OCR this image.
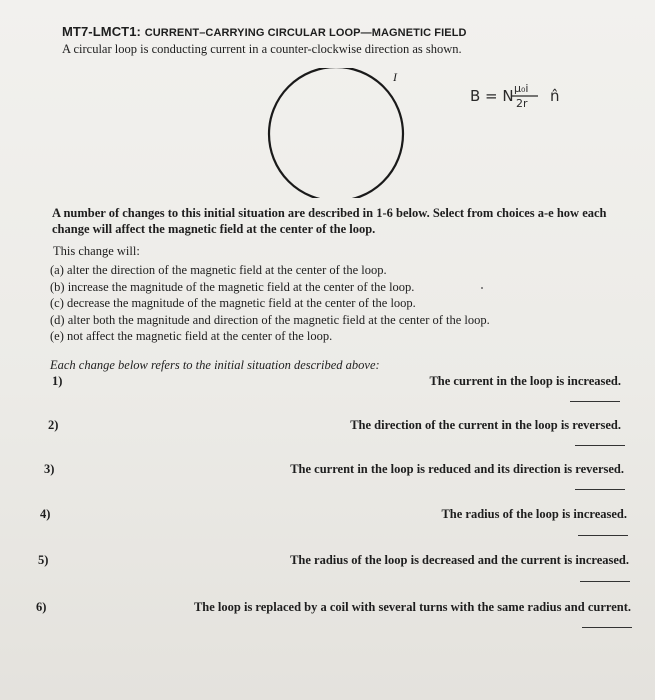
MT7-LMCT1: CURRENT–CARRYING CIRCULAR LOOP—MAGNETIC FIELD
A circular loop is conducting current in a counter-clockwise direction as shown.
I
B = N μ₀i
2r n̂
A number of changes to this initial situation are described in 1-6 below. Select from choices a-e how each change will affect the magnetic field at the center of the loop.
This change will:
(a) alter the direction of the magnetic field at the center of the loop.
(b) increase the magnitude of the magnetic field at the center of the loop.
(c) decrease the magnitude of the magnetic field at the center of the loop.
(d) alter both the magnitude and direction of the magnetic field at the center of the loop.
(e) not affect the magnetic field at the center of the loop.
Each change below refers to the initial situation described above:
1)	The current in the loop is increased.
2)	The direction of the current in the loop is reversed.
3)	The current in the loop is reduced and its direction is reversed.
4)	The radius of the loop is increased.
5)	The radius of the loop is decreased and the current is increased.
6)	The loop is replaced by a coil with several turns with the same radius and current.
